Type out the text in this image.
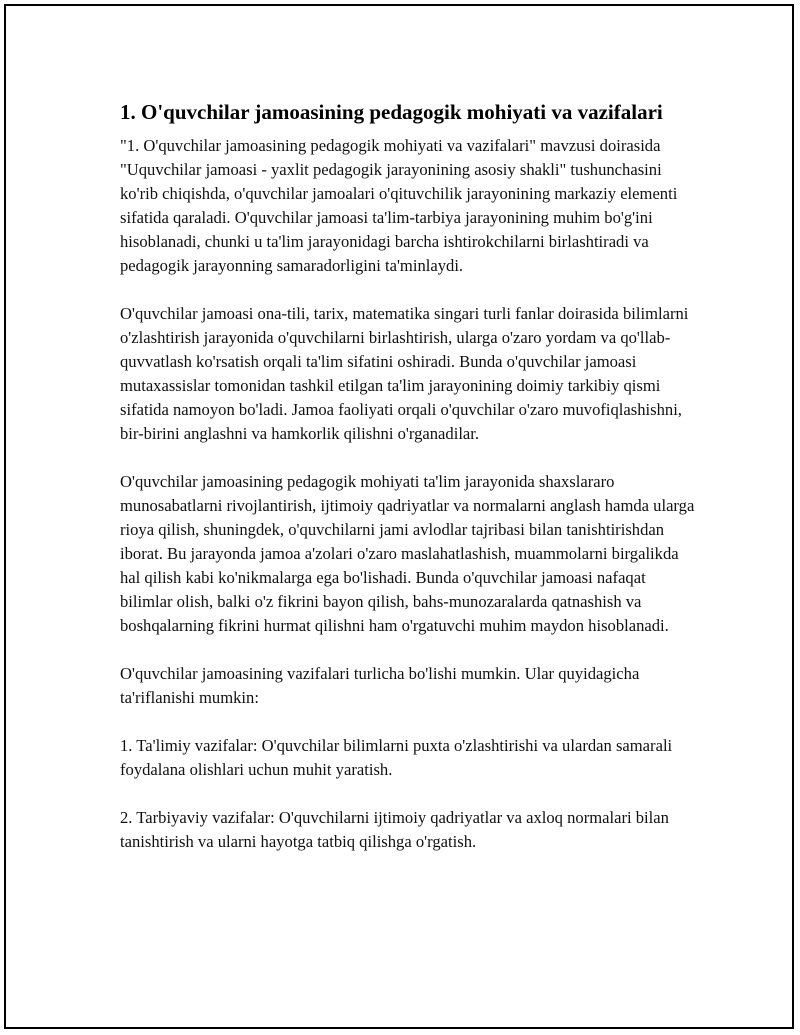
1. O'quvchilar jamoasining pedagogik mohiyati va vazifalari

"1. O'quvchilar jamoasining pedagogik mohiyati va vazifalari" mavzusi doirasida "Uquvchilar jamoasi - yaxlit pedagogik jarayonining asosiy shakli" tushunchasini ko'rib chiqishda, o'quvchilar jamoalari o'qituvchilik jarayonining markaziy elementi sifatida qaraladi. O'quvchilar jamoasi ta'lim-tarbiya jarayonining muhim bo'g'ini hisoblanadi, chunki u ta'lim jarayonidagi barcha ishtirokchilarni birlashtiradi va pedagogik jarayonning samaradorligini ta'minlaydi.

O'quvchilar jamoasi ona-tili, tarix, matematika singari turli fanlar doirasida bilimlarni o'zlashtirish jarayonida o'quvchilarni birlashtirish, ularga o'zaro yordam va qo'llab-quvvatlash ko'rsatish orqali ta'lim sifatini oshiradi. Bunda o'quvchilar jamoasi mutaxassislar tomonidan tashkil etilgan ta'lim jarayonining doimiy tarkibiy qismi sifatida namoyon bo'ladi. Jamoa faoliyati orqali o'quvchilar o'zaro muvofiqlashishni, bir-birini anglashni va hamkorlik qilishni o'rganadilar.

O'quvchilar jamoasining pedagogik mohiyati ta'lim jarayonida shaxslararo munosabatlarni rivojlantirish, ijtimoiy qadriyatlar va normalarni anglash hamda ularga rioya qilish, shuningdek, o'quvchilarni jami avlodlar tajribasi bilan tanishtirishdan iborat. Bu jarayonda jamoa a'zolari o'zaro maslahatlashish, muammolarni birgalikda hal qilish kabi ko'nikmalarga ega bo'lishadi. Bunda o'quvchilar jamoasi nafaqat bilimlar olish, balki o'z fikrini bayon qilish, bahs-munozaralarda qatnashish va boshqalarning fikrini hurmat qilishni ham o'rgatuvchi muhim maydon hisoblanadi.

O'quvchilar jamoasining vazifalari turlicha bo'lishi mumkin. Ular quyidagicha ta'riflanishi mumkin:

1. Ta'limiy vazifalar: O'quvchilar bilimlarni puxta o'zlashtirishi va ulardan samarali foydalana olishlari uchun muhit yaratish.

2. Tarbiyaviy vazifalar: O'quvchilarni ijtimoiy qadriyatlar va axloq normalari bilan tanishtirish va ularni hayotga tatbiq qilishga o'rgatish.
